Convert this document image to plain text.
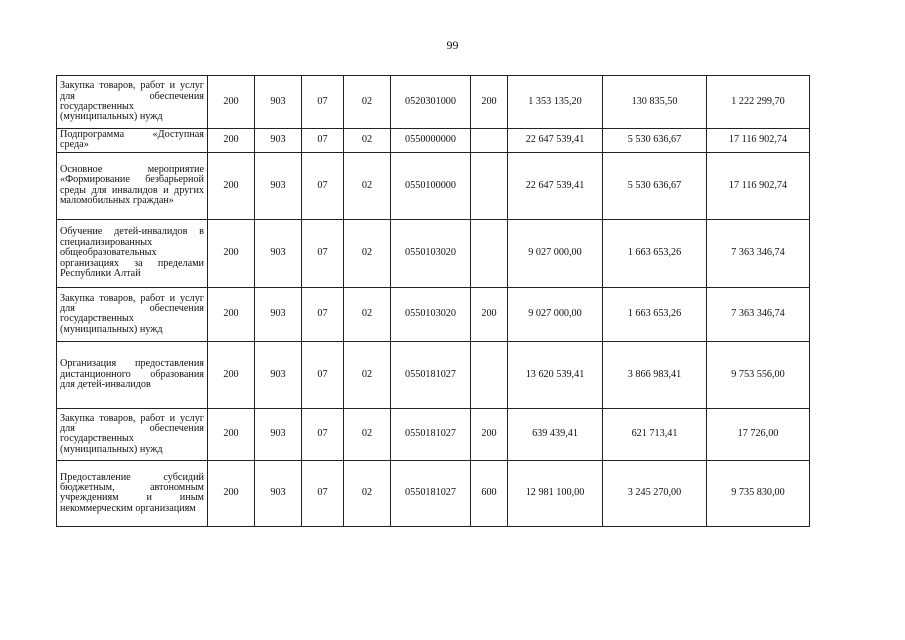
99
Закупка товаров, работ и услуг для обеспечения государственных (муниципальных) нужд	200	903	07	02	0520301000	200	1 353 135,20	130 835,50	1 222 299,70
Подпрограмма «Доступная среда»	200	903	07	02	0550000000		22 647 539,41	5 530 636,67	17 116 902,74
Основное мероприятие «Формирование безбарьерной среды для инвалидов и других маломобильных граждан»	200	903	07	02	0550100000		22 647 539,41	5 530 636,67	17 116 902,74
Обучение детей-инвалидов в специализированных общеобразовательных организациях за пределами Республики Алтай	200	903	07	02	0550103020		9 027 000,00	1 663 653,26	7 363 346,74
Закупка товаров, работ и услуг для обеспечения государственных (муниципальных) нужд	200	903	07	02	0550103020	200	9 027 000,00	1 663 653,26	7 363 346,74
Организация предоставления дистанционного образования для детей-инвалидов	200	903	07	02	0550181027		13 620 539,41	3 866 983,41	9 753 556,00
Закупка товаров, работ и услуг для обеспечения государственных (муниципальных) нужд	200	903	07	02	0550181027	200	639 439,41	621 713,41	17 726,00
Предоставление субсидий бюджетным, автономным учреждениям и иным некоммерческим организациям	200	903	07	02	0550181027	600	12 981 100,00	3 245 270,00	9 735 830,00
